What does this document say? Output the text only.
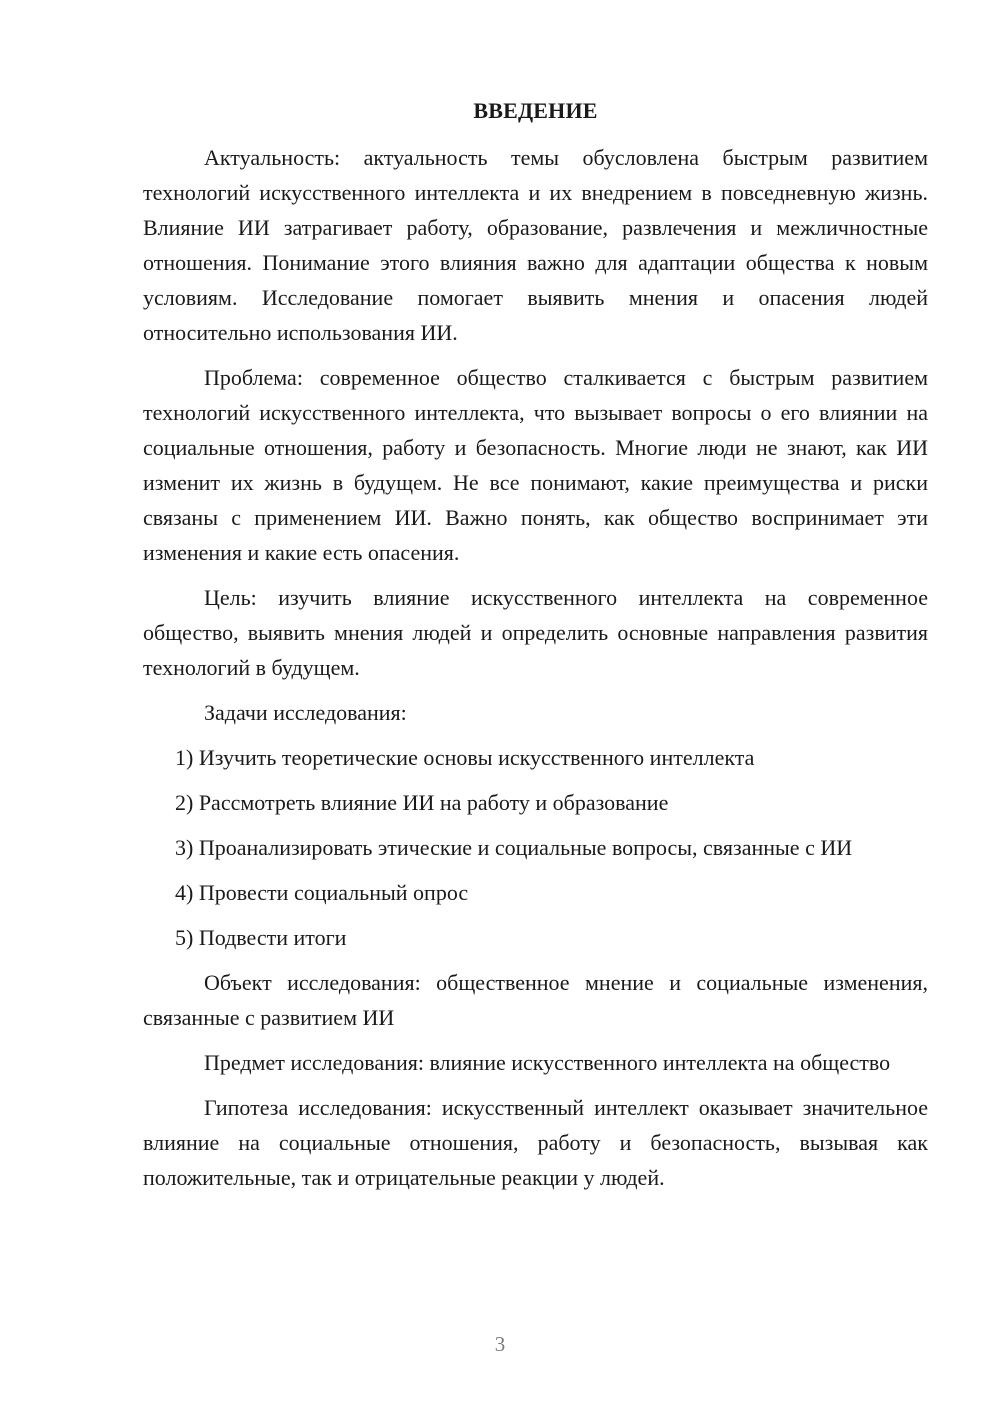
ВВЕДЕНИЕ

Актуальность: актуальность темы обусловлена быстрым развитием технологий искусственного интеллекта и их внедрением в повседневную жизнь. Влияние ИИ затрагивает работу, образование, развлечения и межличностные отношения. Понимание этого влияния важно для адаптации общества к новым условиям. Исследование помогает выявить мнения и опасения людей относительно использования ИИ.

Проблема: современное общество сталкивается с быстрым развитием технологий искусственного интеллекта, что вызывает вопросы о его влиянии на социальные отношения, работу и безопасность. Многие люди не знают, как ИИ изменит их жизнь в будущем. Не все понимают, какие преимущества и риски связаны с применением ИИ. Важно понять, как общество воспринимает эти изменения и какие есть опасения.

Цель: изучить влияние искусственного интеллекта на современное общество, выявить мнения людей и определить основные направления развития технологий в будущем.

Задачи исследования:

1) Изучить теоретические основы искусственного интеллекта

2) Рассмотреть влияние ИИ на работу и образование

3) Проанализировать этические и социальные вопросы, связанные с ИИ

4) Провести социальный опрос

5) Подвести итоги

Объект исследования: общественное мнение и социальные изменения, связанные с развитием ИИ

Предмет исследования: влияние искусственного интеллекта на общество

Гипотеза исследования: искусственный интеллект оказывает значительное влияние на социальные отношения, работу и безопасность, вызывая как положительные, так и отрицательные реакции у людей.

3
